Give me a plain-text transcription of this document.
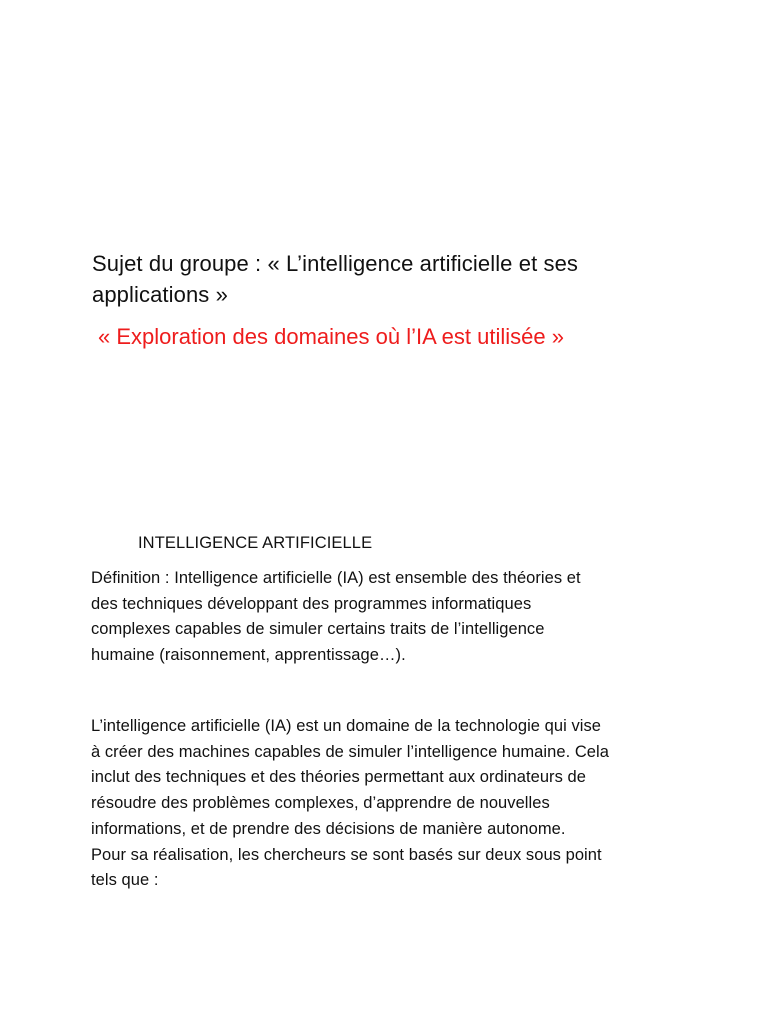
Sujet du groupe : « L’intelligence artificielle et ses
applications »
« Exploration des domaines où l’IA est utilisée »
INTELLIGENCE ARTIFICIELLE

Définition : Intelligence artificielle (IA) est ensemble des théories et
des techniques développant des programmes informatiques
complexes capables de simuler certains traits de l’intelligence
humaine (raisonnement, apprentissage…).

L’intelligence artificielle (IA) est un domaine de la technologie qui vise
à créer des machines capables de simuler l’intelligence humaine. Cela
inclut des techniques et des théories permettant aux ordinateurs de
résoudre des problèmes complexes, d’apprendre de nouvelles
informations, et de prendre des décisions de manière autonome.
Pour sa réalisation, les chercheurs se sont basés sur deux sous point
tels que :
